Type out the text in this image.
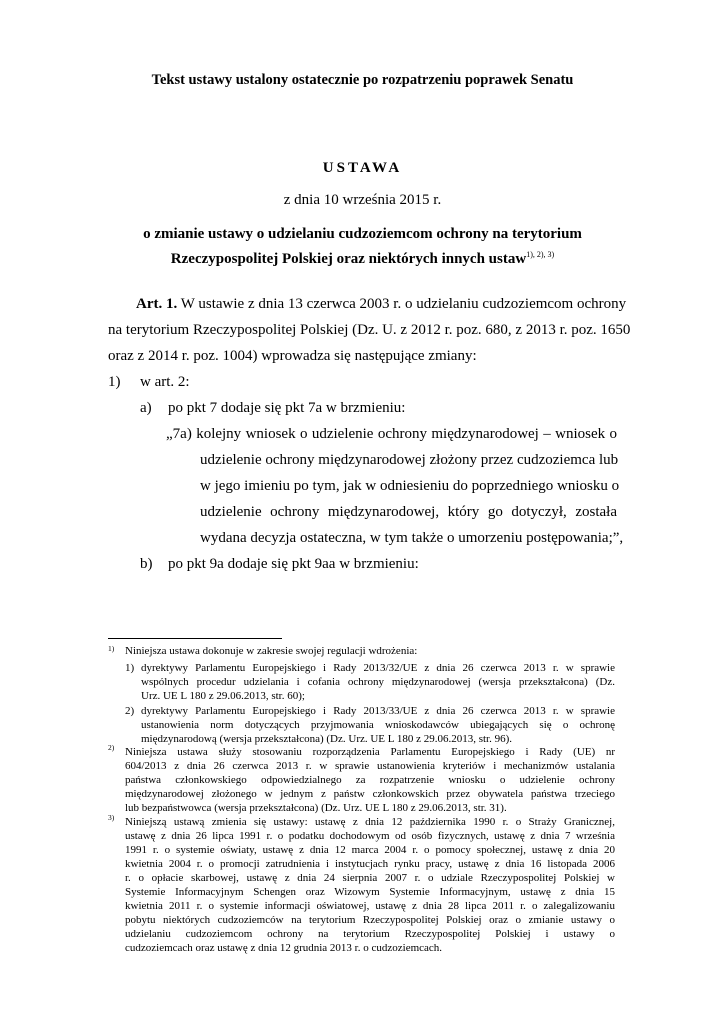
Tekst ustawy ustalony ostatecznie po rozpatrzeniu poprawek Senatu
USTAWA
z dnia 10 września 2015 r.
o zmianie ustawy o udzielaniu cudzoziemcom ochrony na terytorium
Rzeczypospolitej Polskiej oraz niektórych innych ustaw$^{1), 2), 3)}$
Art. 1. W ustawie z dnia 13 czerwca 2003 r. o udzielaniu cudzoziemcom ochrony
na terytorium Rzeczypospolitej Polskiej (Dz. U. z 2012 r. poz. 680, z 2013 r. poz. 1650
oraz z 2014 r. poz. 1004) wprowadza się następujące zmiany:
1) w art. 2:
a) po pkt 7 dodaje się pkt 7a w brzmieniu:
„7a) kolejny wniosek o udzielenie ochrony międzynarodowej – wniosek o
udzielenie ochrony międzynarodowej złożony przez cudzoziemca lub
w jego imieniu po tym, jak w odniesieniu do poprzedniego wniosku o
udzielenie ochrony międzynarodowej, który go dotyczył, została
wydana decyzja ostateczna, w tym także o umorzeniu postępowania;”,
b) po pkt 9a dodaje się pkt 9aa w brzmieniu:
1) Niniejsza ustawa dokonuje w zakresie swojej regulacji wdrożenia:
1) dyrektywy Parlamentu Europejskiego i Rady 2013/32/UE z dnia 26 czerwca 2013 r. w sprawie
wspólnych procedur udzielania i cofania ochrony międzynarodowej (wersja przekształcona) (Dz.
Urz. UE L 180 z 29.06.2013, str. 60);
2) dyrektywy Parlamentu Europejskiego i Rady 2013/33/UE z dnia 26 czerwca 2013 r. w sprawie
ustanowienia norm dotyczących przyjmowania wnioskodawców ubiegających się o ochronę
międzynarodową (wersja przekształcona) (Dz. Urz. UE L 180 z 29.06.2013, str. 96).
2) Niniejsza ustawa służy stosowaniu rozporządzenia Parlamentu Europejskiego i Rady (UE) nr
604/2013 z dnia 26 czerwca 2013 r. w sprawie ustanowienia kryteriów i mechanizmów ustalania
państwa członkowskiego odpowiedzialnego za rozpatrzenie wniosku o udzielenie ochrony
międzynarodowej złożonego w jednym z państw członkowskich przez obywatela państwa trzeciego
lub bezpaństwowca (wersja przekształcona) (Dz. Urz. UE L 180 z 29.06.2013, str. 31).
3) Niniejszą ustawą zmienia się ustawy: ustawę z dnia 12 października 1990 r. o Straży Granicznej,
ustawę z dnia 26 lipca 1991 r. o podatku dochodowym od osób fizycznych, ustawę z dnia 7 września
1991 r. o systemie oświaty, ustawę z dnia 12 marca 2004 r. o pomocy społecznej, ustawę z dnia 20
kwietnia 2004 r. o promocji zatrudnienia i instytucjach rynku pracy, ustawę z dnia 16 listopada 2006
r. o opłacie skarbowej, ustawę z dnia 24 sierpnia 2007 r. o udziale Rzeczypospolitej Polskiej w
Systemie Informacyjnym Schengen oraz Wizowym Systemie Informacyjnym, ustawę z dnia 15
kwietnia 2011 r. o systemie informacji oświatowej, ustawę z dnia 28 lipca 2011 r. o zalegalizowaniu
pobytu niektórych cudzoziemców na terytorium Rzeczypospolitej Polskiej oraz o zmianie ustawy o
udzielaniu cudzoziemcom ochrony na terytorium Rzeczypospolitej Polskiej i ustawy o
cudzoziemcach oraz ustawę z dnia 12 grudnia 2013 r. o cudzoziemcach.
